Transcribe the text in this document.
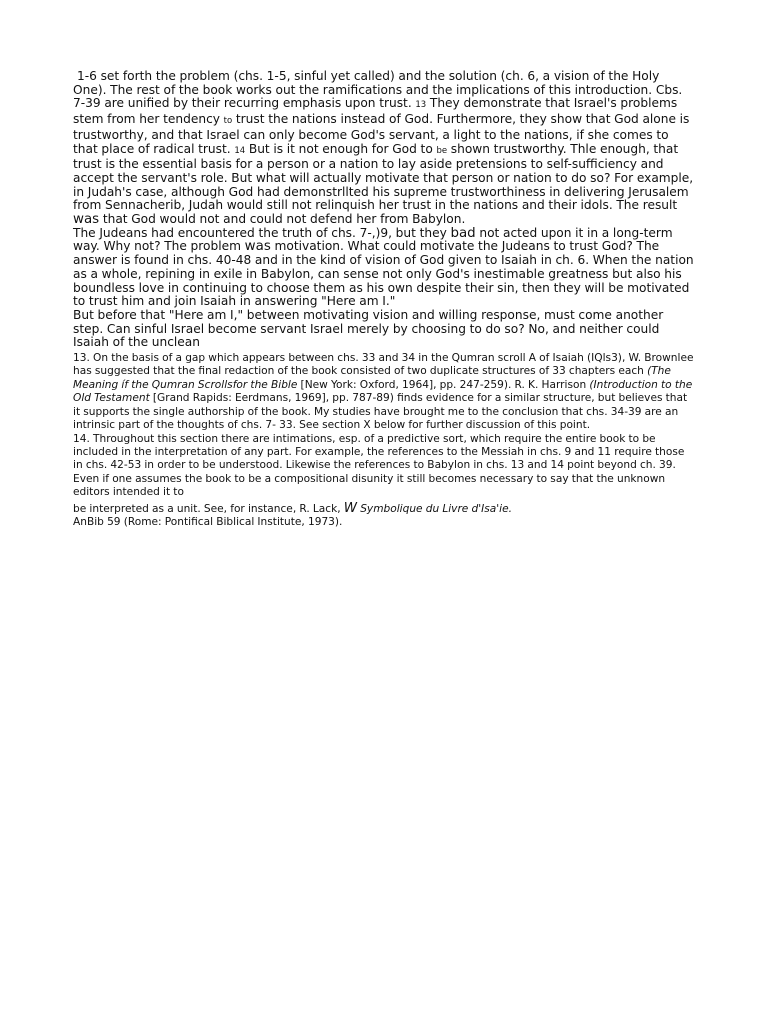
1-6 set forth the problem (chs. 1-5, sinful yet called) and the solution (ch. 6, a vision of the Holy One). The rest of the book works out the ramifications and the implications of this introduction. Cbs. 7-39 are unified by their recurring emphasis upon trust. 13 They demonstrate that Israel's problems stem from her tendency to trust the nations instead of God. Furthermore, they show that God alone is trustworthy, and that Israel can only become God's servant, a light to the nations, if she comes to that place of radical trust. 14 But is it not enough for God to be shown trustworthy. Thle enough, that trust is the essential basis for a person or a nation to lay aside pretensions to self-sufficiency and accept the servant's role. But what will actually motivate that person or nation to do so? For example, in Judah's case, although God had demonstrllted his supreme trustworthiness in delivering Jerusalem from Sennacherib, Judah would still not relinquish her trust in the nations and their idols. The result was that God would not and could not defend her from Babylon.

The Judeans had encountered the truth of chs. 7-,)9, but they bad not acted upon it in a long-term way. Why not? The problem was motivation. What could motivate the Judeans to trust God? The answer is found in chs. 40-48 and in the kind of vision of God given to Isaiah in ch. 6. When the nation as a whole, repining in exile in Babylon, can sense not only God's inestimable greatness but also his boundless love in continuing to choose them as his own despite their sin, then they will be motivated to trust him and join Isaiah in answering "Here am I."

But before that "Here am I," between motivating vision and willing response, must come another step. Can sinful Israel become servant Israel merely by choosing to do so? No, and neither could Isaiah of the unclean

13. On the basis of a gap which appears between chs. 33 and 34 in the Qumran scroll A of Isaiah (IQls3), W. Brownlee has suggested that the final redaction of the book consisted of two duplicate structures of 33 chapters each (The Meaning íf the Qumran Scrollsfor the Bible [New York: Oxford, 1964], pp. 247-259). R. K. Harrison (Introduction to the Old Testament [Grand Rapids: Eerdmans, 1969], pp. 787-89) finds evidence for a similar structure, but believes that it supports the single authorship of the book. My studies have brought me to the conclusion that chs. 34-39 are an intrinsic part of the thoughts of chs. 7- 33. See section X below for further discussion of this point.

14. Throughout this section there are intimations, esp. of a predictive sort, which require the entire book to be included in the interpretation of any part. For example, the references to the Messiah in chs. 9 and 11 require those in chs. 42-53 in order to be understood. Likewise the references to Babylon in chs. 13 and 14 point beyond ch. 39. Even if one assumes the book to be a compositional disunity it still becomes necessary to say that the unknown editors intended it to

be interpreted as a unit. See, for instance, R. Lack, W Symbolique du Livre d'Isa'ie.

AnBib 59 (Rome: Pontifical Biblical Institute, 1973).
